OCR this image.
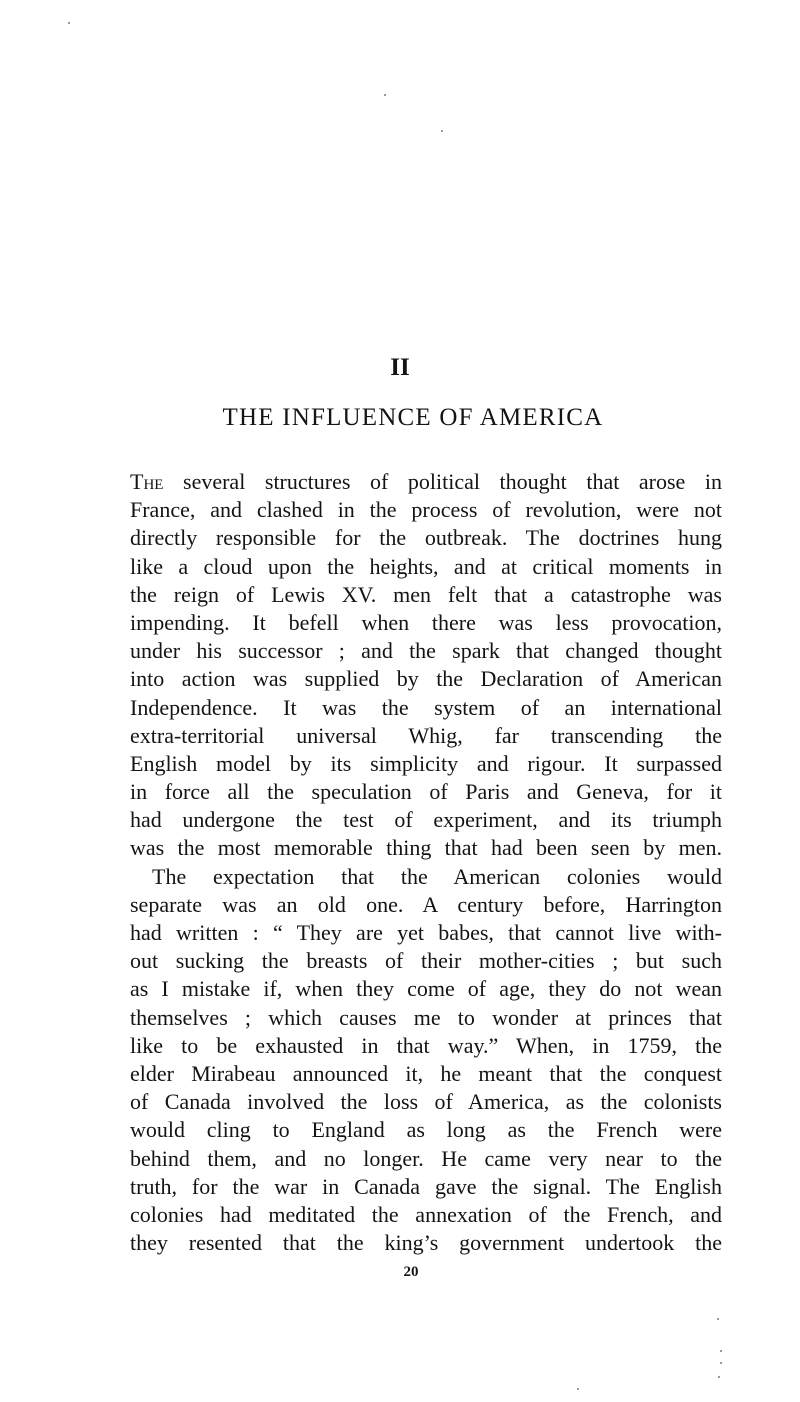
II
THE INFLUENCE OF AMERICA
The several structures of political thought that arose in
France, and clashed in the process of revolution, were not
directly responsible for the outbreak. The doctrines hung
like a cloud upon the heights, and at critical moments in
the reign of Lewis XV. men felt that a catastrophe was
impending. It befell when there was less provocation,
under his successor ; and the spark that changed thought
into action was supplied by the Declaration of American
Independence. It was the system of an international
extra-territorial universal Whig, far transcending the
English model by its simplicity and rigour. It surpassed
in force all the speculation of Paris and Geneva, for it
had undergone the test of experiment, and its triumph
was the most memorable thing that had been seen by men.
The expectation that the American colonies would
separate was an old one. A century before, Harrington
had written : “ They are yet babes, that cannot live with-
out sucking the breasts of their mother-cities ; but such
as I mistake if, when they come of age, they do not wean
themselves ; which causes me to wonder at princes that
like to be exhausted in that way.” When, in 1759, the
elder Mirabeau announced it, he meant that the conquest
of Canada involved the loss of America, as the colonists
would cling to England as long as the French were
behind them, and no longer. He came very near to the
truth, for the war in Canada gave the signal. The English
colonies had meditated the annexation of the French, and
they resented that the king’s government undertook the
20
